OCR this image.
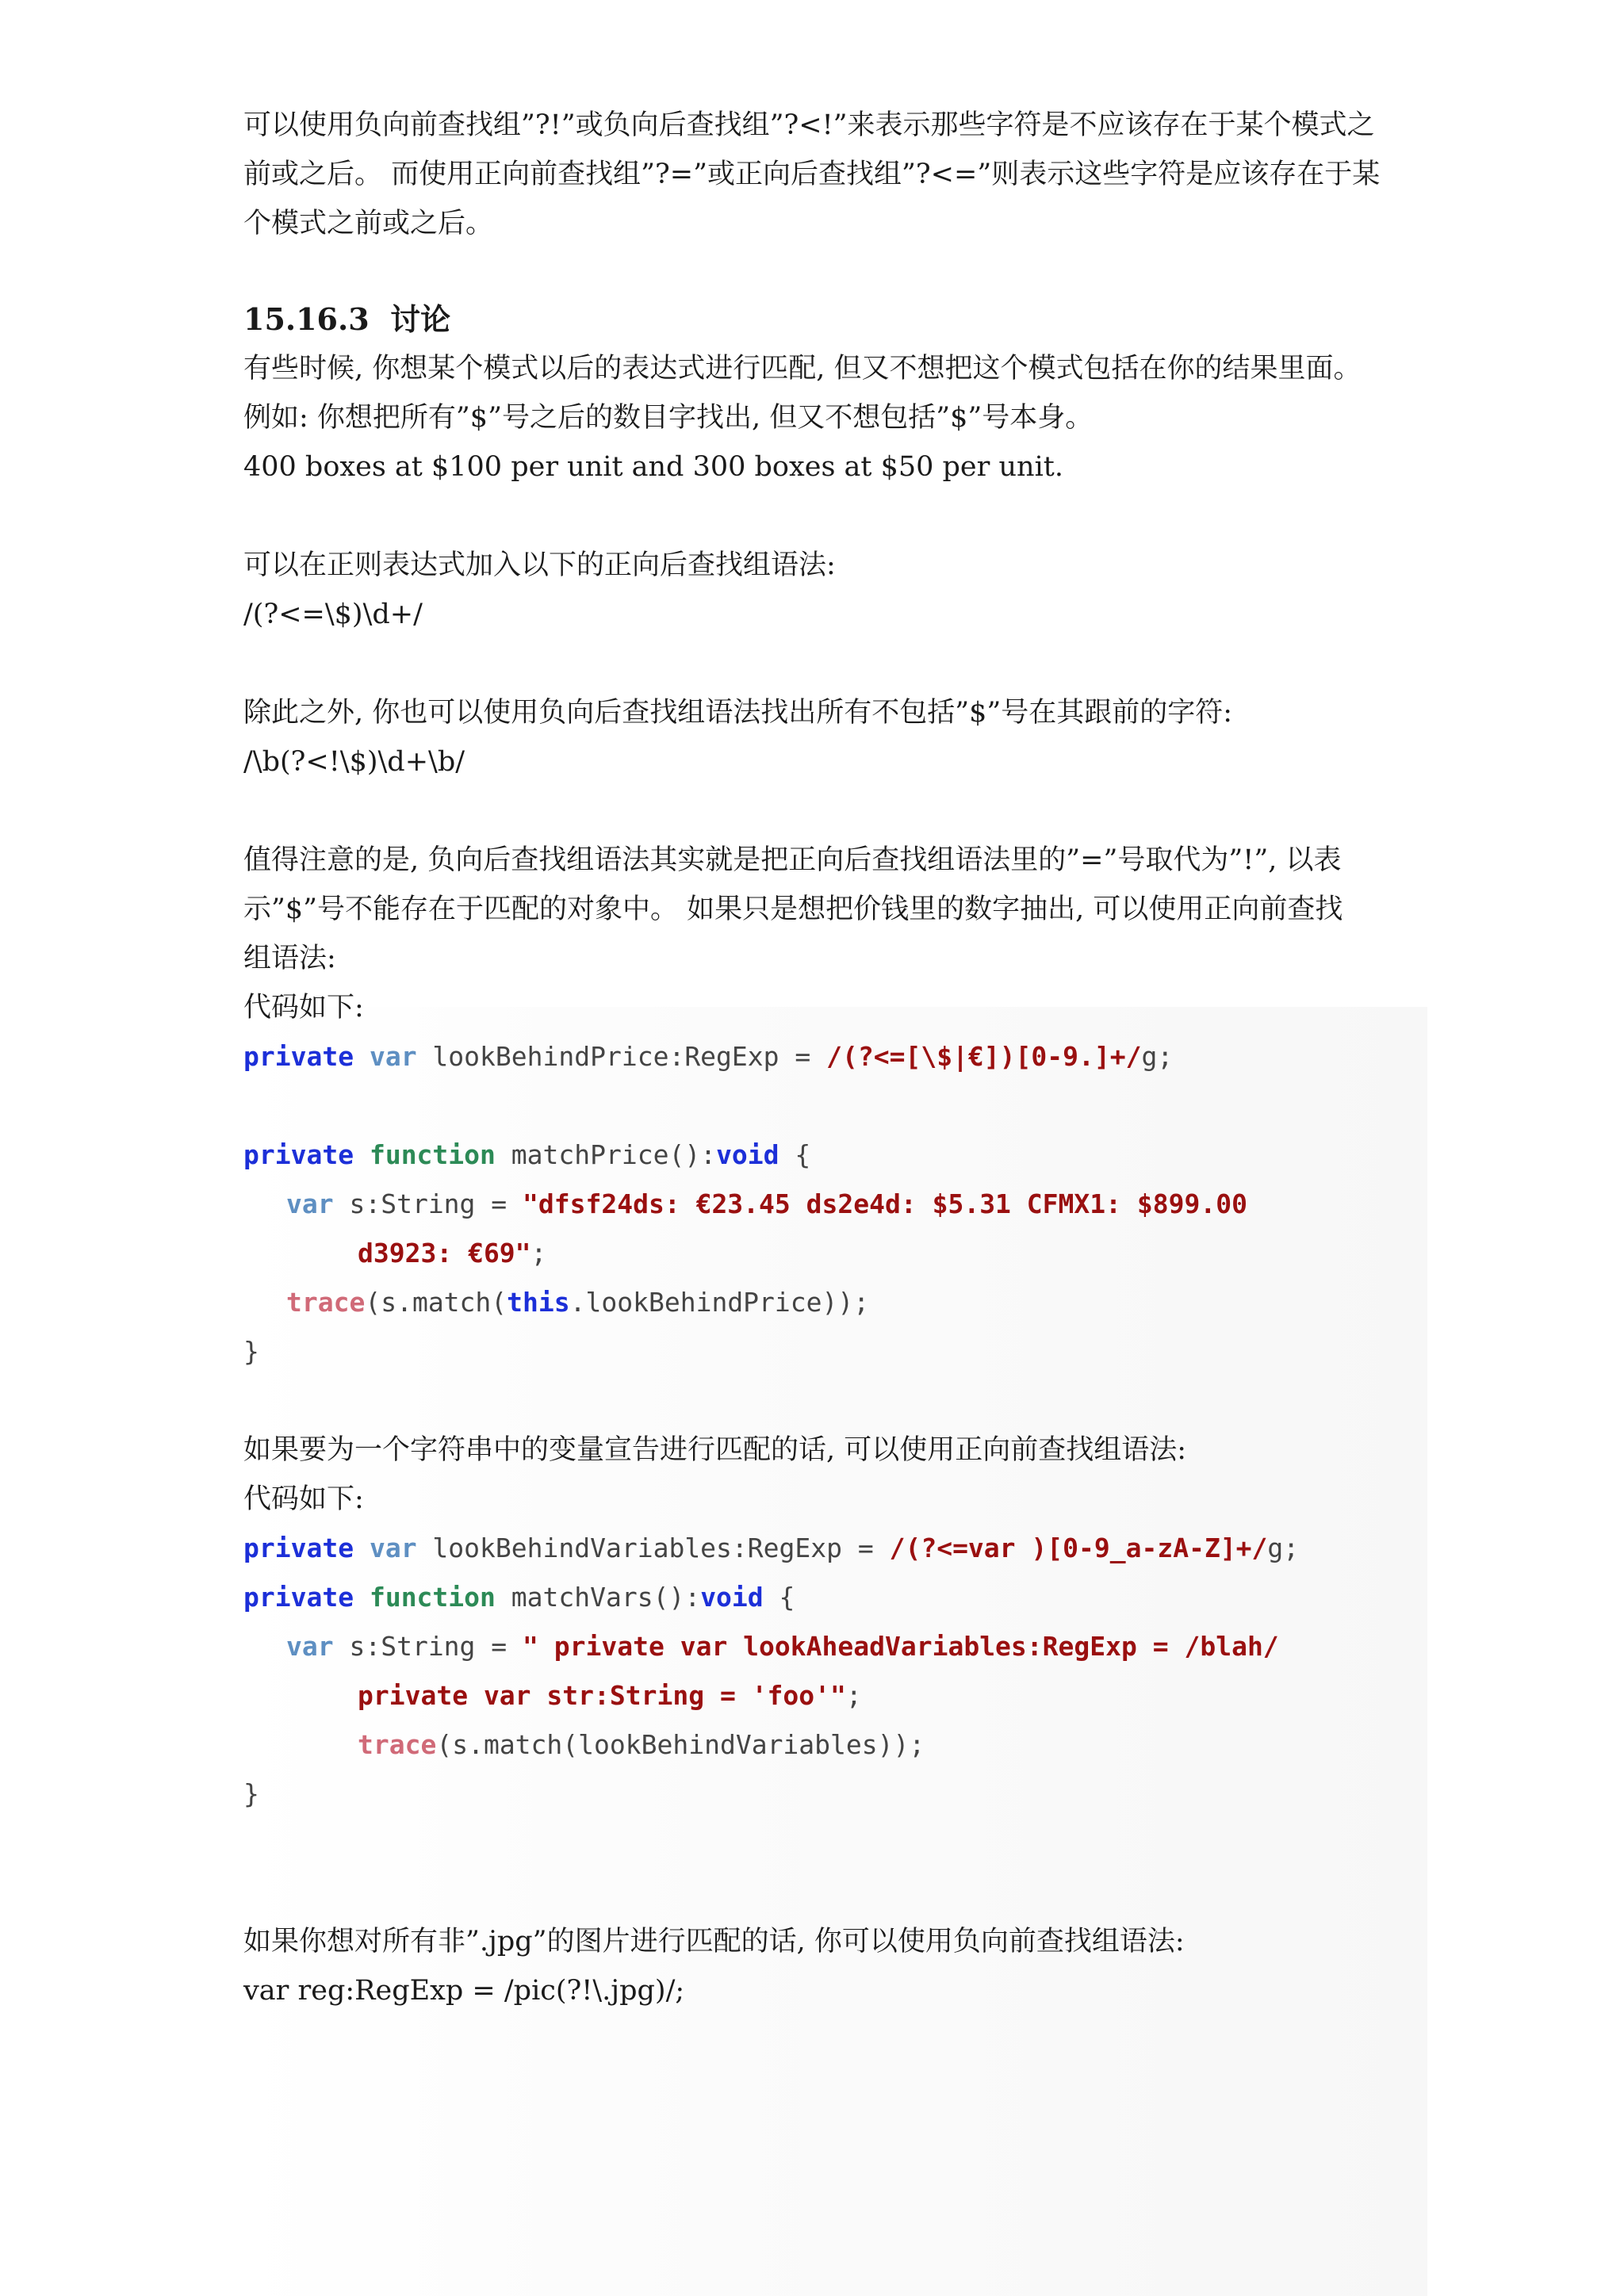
可以使用负向前查找组”?!”或负向后查找组”?<!”来表示那些字符是不应该存在于某个模式之

前或之后。 而使用正向前查找组”?=”或正向后查找组”?<=”则表示这些字符是应该存在于某

个模式之前或之后。

15.16.3 讨论

有些时候, 你想某个模式以后的表达式进行匹配, 但又不想把这个模式包括在你的结果里面。

例如: 你想把所有”$”号之后的数目字找出, 但又不想包括”$”号本身。

400 boxes at $100 per unit and 300 boxes at $50 per unit.

可以在正则表达式加入以下的正向后查找组语法:

/(?<=\$)\d+/

除此之外, 你也可以使用负向后查找组语法找出所有不包括”$”号在其跟前的字符:

/\b(?<!\$)\d+\b/

值得注意的是, 负向后查找组语法其实就是把正向后查找组语法里的”=”号取代为”!”, 以表

示”$”号不能存在于匹配的对象中。 如果只是想把价钱里的数字抽出, 可以使用正向前查找

组语法:

代码如下:

private var lookBehindPrice:RegExp = /(?<=[\$|€])[0-9.]+/g;
private function matchPrice():void {
var s:String = "dfsf24ds: €23.45 ds2e4d: $5.31 CFMX1: $899.00
d3923: €69";
trace(s.match(this.lookBehindPrice));
}

如果要为一个字符串中的变量宣告进行匹配的话, 可以使用正向前查找组语法:

代码如下:

private var lookBehindVariables:RegExp = /(?<=var )[0-9_a-zA-Z]+/g;
private function matchVars():void {
var s:String = " private var lookAheadVariables:RegExp = /blah/
private var str:String = 'foo'";
trace(s.match(lookBehindVariables));
}

如果你想对所有非”.jpg”的图片进行匹配的话, 你可以使用负向前查找组语法:

var reg:RegExp = /pic(?!\.jpg)/;
